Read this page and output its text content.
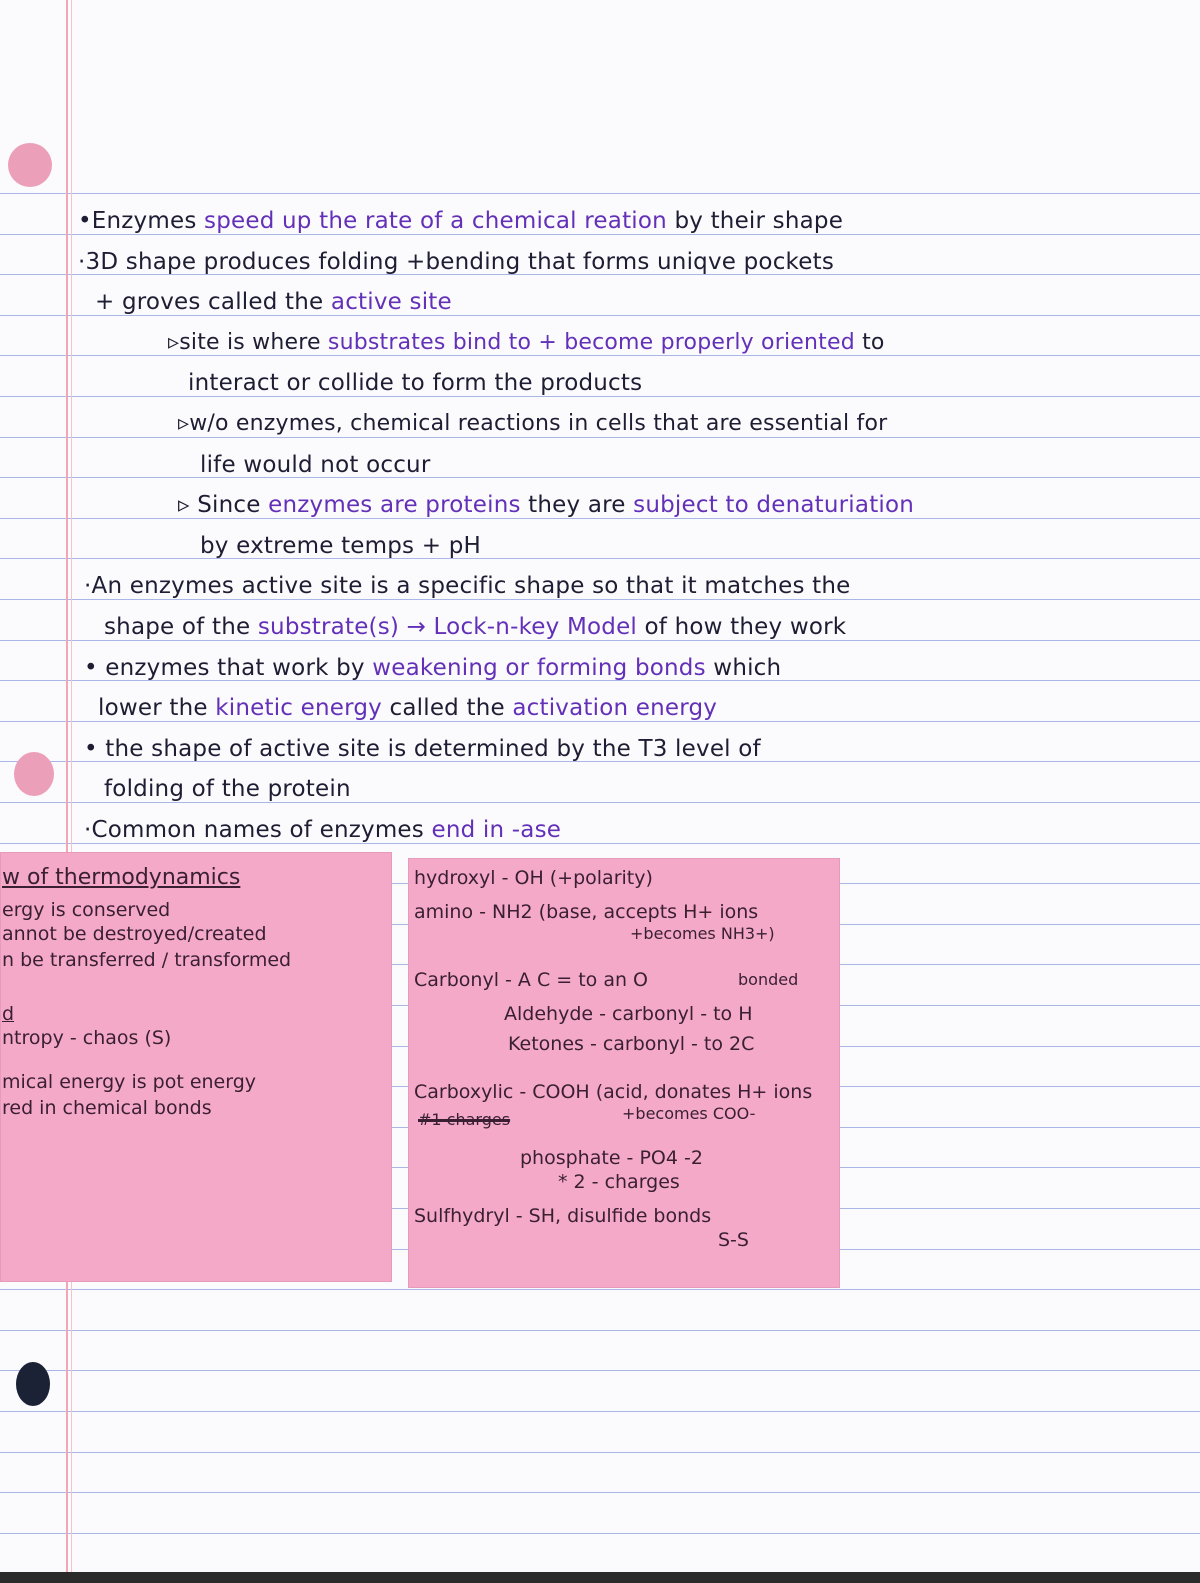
•Enzymes speed up the rate of a chemical reation by their shape
·3D shape produces folding +bending that forms uniqve pockets
+ groves called the active site
▹site is where substrates bind to + become properly oriented to
interact or collide to form the products
▹w/o enzymes, chemical reactions in cells that are essential for
life would not occur
▹ Since enzymes are proteins they are subject to denaturiation
by extreme temps + pH
·An enzymes active site is a specific shape so that it matches the
shape of the substrate(s) → Lock-n-key Model of how they work
• enzymes that work by weakening or forming bonds which
lower the kinetic energy called the activation energy
• the shape of active site is determined by the T3 level of
folding of the protein
·Common names of enzymes end in -ase
w of thermodynamics
ergy is conserved
annot be destroyed/created
n be transferred / transformed
d
ntropy - chaos (S)
mical energy is pot energy
red in chemical bonds
hydroxyl - OH (+polarity)
amino - NH2 (base, accepts H+ ions
+becomes NH3+)
Carbonyl - A C = to an O	bonded
Aldehyde - carbonyl - to H
Ketones - carbonyl - to 2C
Carboxylic - COOH (acid, donates H+ ions
#1 charges	+becomes COO-
phosphate - PO4 -2
* 2 - charges
Sulfhydryl - SH, disulfide bonds
S-S
